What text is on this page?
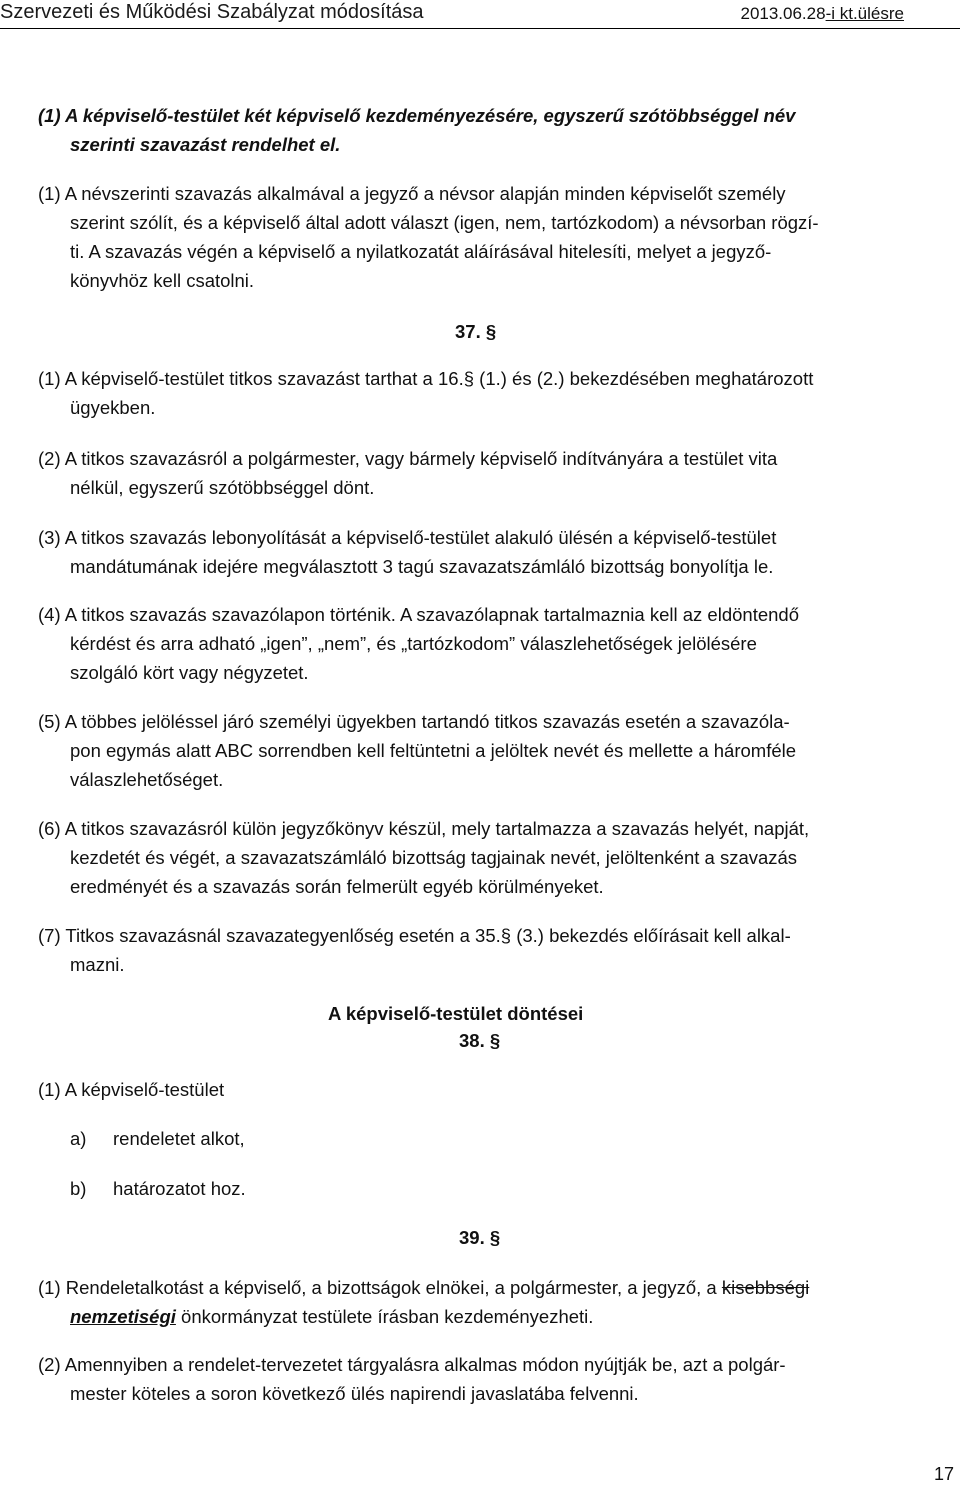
Szervezeti és Működési Szabályzat módosítása	2013.06.28-i kt.ülésre
(1) A képviselő-testület két képviselő kezdeményezésére, egyszerű szótöbbséggel név
szerinti szavazást rendelhet el.
(1) A névszerinti szavazás alkalmával a jegyző a névsor alapján minden képviselőt személy
szerint szólít, és a képviselő által adott választ (igen, nem, tartózkodom) a névsorban rögzí-
ti. A szavazás végén a képviselő a nyilatkozatát aláírásával hitelesíti, melyet a jegyző-
könyvhöz kell csatolni.
37. §
(1) A képviselő-testület titkos szavazást tarthat a 16.§ (1.) és (2.) bekezdésében meghatározott
ügyekben.
(2) A titkos szavazásról a polgármester, vagy bármely képviselő indítványára a testület vita
nélkül, egyszerű szótöbbséggel dönt.
(3) A titkos szavazás lebonyolítását a képviselő-testület alakuló ülésén a képviselő-testület
mandátumának idejére megválasztott 3 tagú szavazatszámláló bizottság bonyolítja le.
(4) A titkos szavazás szavazólapon történik. A szavazólapnak tartalmaznia kell az eldöntendő
kérdést és arra adható „igen”, „nem”, és „tartózkodom” válaszlehetőségek jelölésére
szolgáló kört vagy négyzetet.
(5) A többes jelöléssel járó személyi ügyekben tartandó titkos szavazás esetén a szavazóla-
pon egymás alatt ABC sorrendben kell feltüntetni a jelöltek nevét és mellette a háromféle
válaszlehetőséget.
(6) A titkos szavazásról külön jegyzőkönyv készül, mely tartalmazza a szavazás helyét, napját,
kezdetét és végét, a szavazatszámláló bizottság tagjainak nevét, jelöltenként a szavazás
eredményét és a szavazás során felmerült egyéb körülményeket.
(7) Titkos szavazásnál szavazategyenlőség esetén a 35.§ (3.) bekezdés előírásait kell alkal-
mazni.
A képviselő-testület döntései
38. §
(1) A képviselő-testület
a) rendeletet alkot,
b) határozatot hoz.
39. §
(1) Rendeletalkotást a képviselő, a bizottságok elnökei, a polgármester, a jegyző, a kisebbségi
nemzetiségi önkormányzat testülete írásban kezdeményezheti.
(2) Amennyiben a rendelet-tervezetet tárgyalásra alkalmas módon nyújtják be, azt a polgár-
mester köteles a soron következő ülés napirendi javaslatába felvenni.
17
